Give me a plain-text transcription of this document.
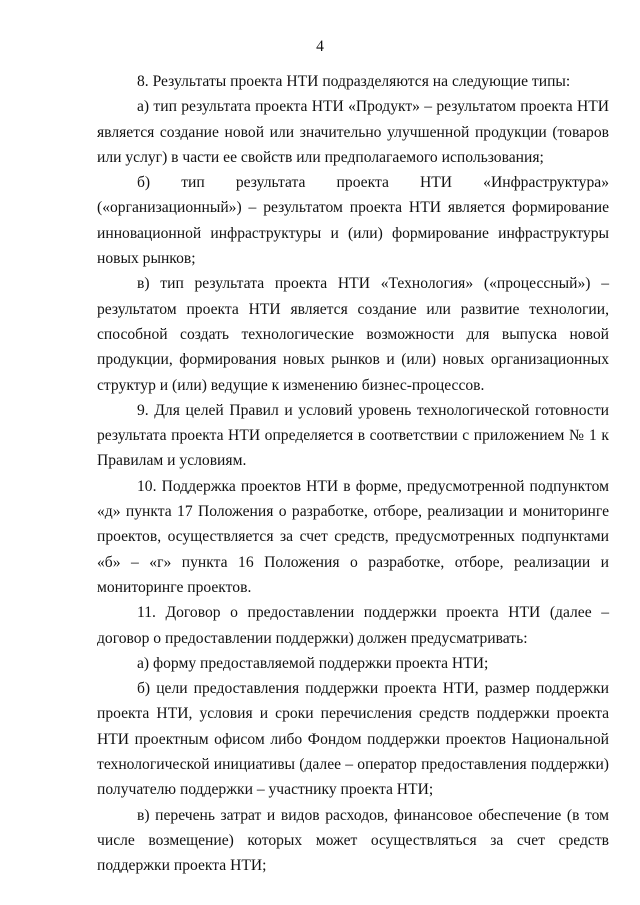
4

8. Результаты проекта НТИ подразделяются на следующие типы:

а) тип результата проекта НТИ «Продукт» – результатом проекта НТИ является создание новой или значительно улучшенной продукции (товаров или услуг) в части ее свойств или предполагаемого использования;

б) тип результата проекта НТИ «Инфраструктура» («организационный») – результатом проекта НТИ является формирование инновационной инфраструктуры и (или) формирование инфраструктуры новых рынков;

в) тип результата проекта НТИ «Технология» («процессный») – результатом проекта НТИ является создание или развитие технологии, способной создать технологические возможности для выпуска новой продукции, формирования новых рынков и (или) новых организационных структур и (или) ведущие к изменению бизнес-процессов.

9. Для целей Правил и условий уровень технологической готовности результата проекта НТИ определяется в соответствии с приложением № 1 к Правилам и условиям.

10. Поддержка проектов НТИ в форме, предусмотренной подпунктом «д» пункта 17 Положения о разработке, отборе, реализации и мониторинге проектов, осуществляется за счет средств, предусмотренных подпунктами «б» – «г» пункта 16 Положения о разработке, отборе, реализации и мониторинге проектов.

11. Договор о предоставлении поддержки проекта НТИ (далее – договор о предоставлении поддержки) должен предусматривать:

а) форму предоставляемой поддержки проекта НТИ;

б) цели предоставления поддержки проекта НТИ, размер поддержки проекта НТИ, условия и сроки перечисления средств поддержки проекта НТИ проектным офисом либо Фондом поддержки проектов Национальной технологической инициативы (далее – оператор предоставления поддержки) получателю поддержки – участнику проекта НТИ;

в) перечень затрат и видов расходов, финансовое обеспечение (в том числе возмещение) которых может осуществляться за счет средств поддержки проекта НТИ;
